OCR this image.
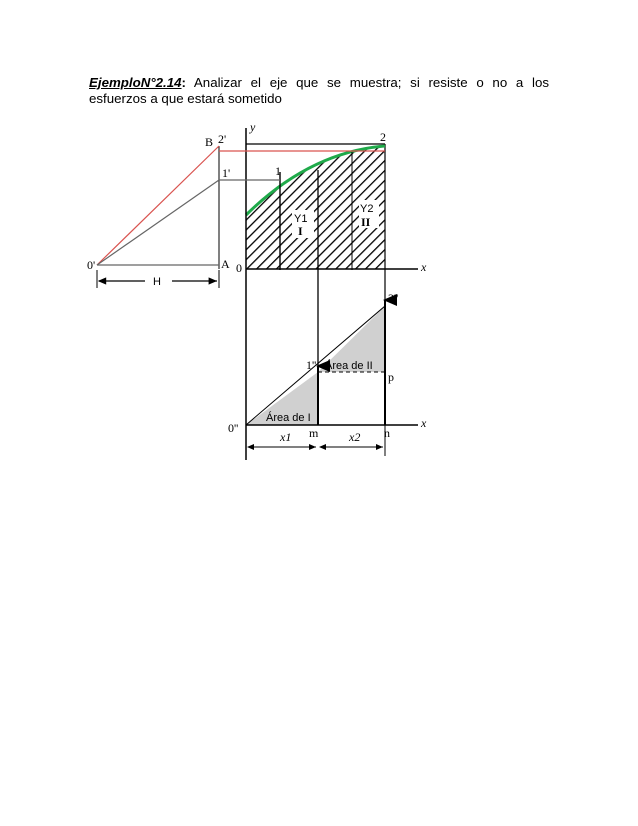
EjemploN°2.14: Analizar el eje que se muestra; si resiste o no a los esfuerzos a que estará sometido
y
x
H
B 2'
1'
0'	A 0
1
2
Y1
I
Y2
II
x
2''
1'' Área de II
p
Área de I
0''	m	n
x1	x2
